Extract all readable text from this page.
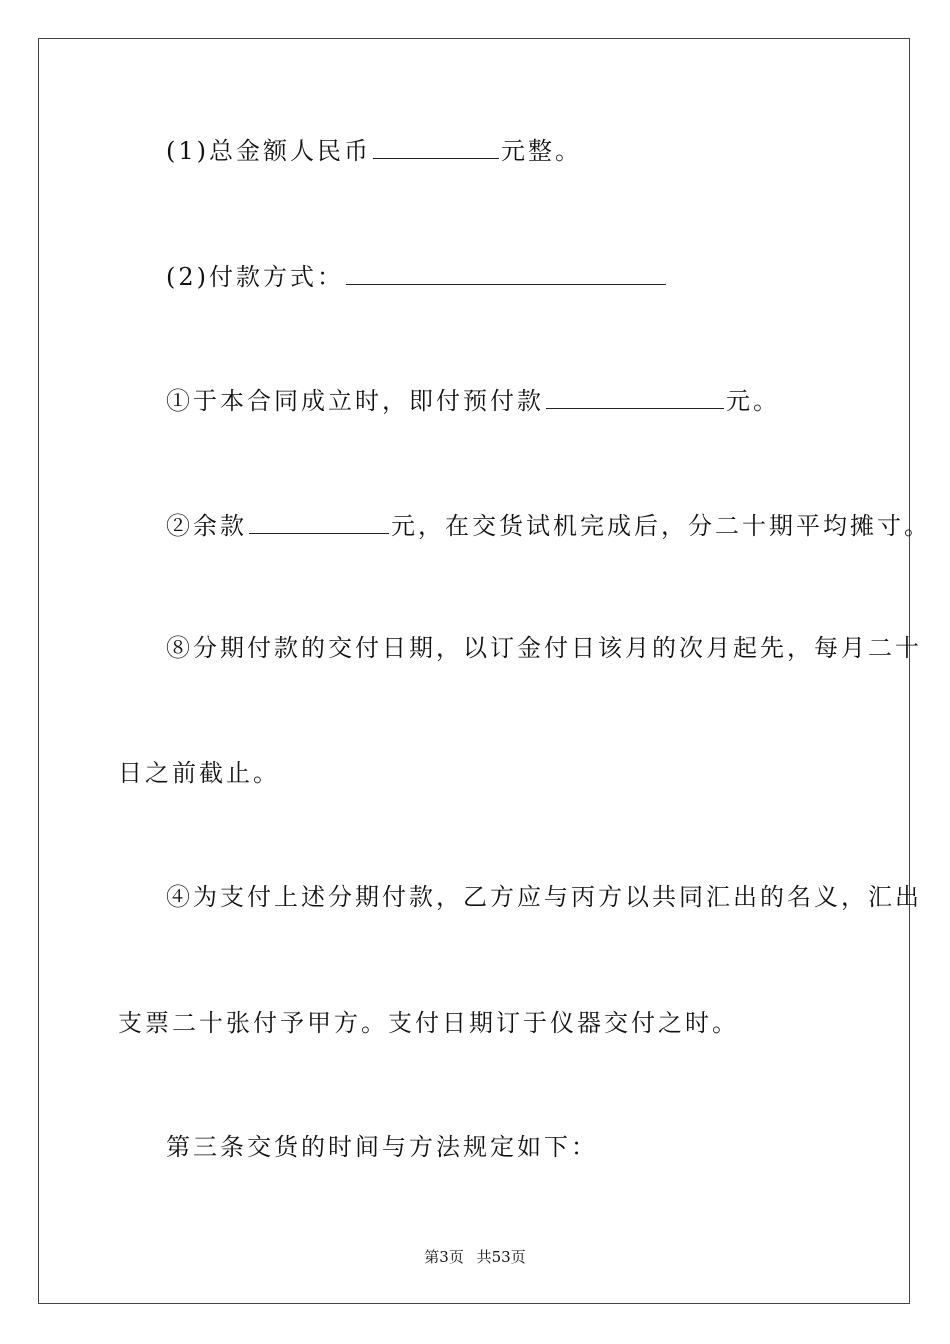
(1)总金额人民币	元整。
(2)付款方式：
①于本合同成立时，即付预付款	元。
②余款	元，在交货试机完成后，分二十期平均摊寸。
⑧分期付款的交付日期，以订金付日该月的次月起先，每月二十
日之前截止。
④为支付上述分期付款，乙方应与丙方以共同汇出的名义，汇出
支票二十张付予甲方。支付日期订于仪器交付之时。
第三条交货的时间与方法规定如下：
第3页 共53页
